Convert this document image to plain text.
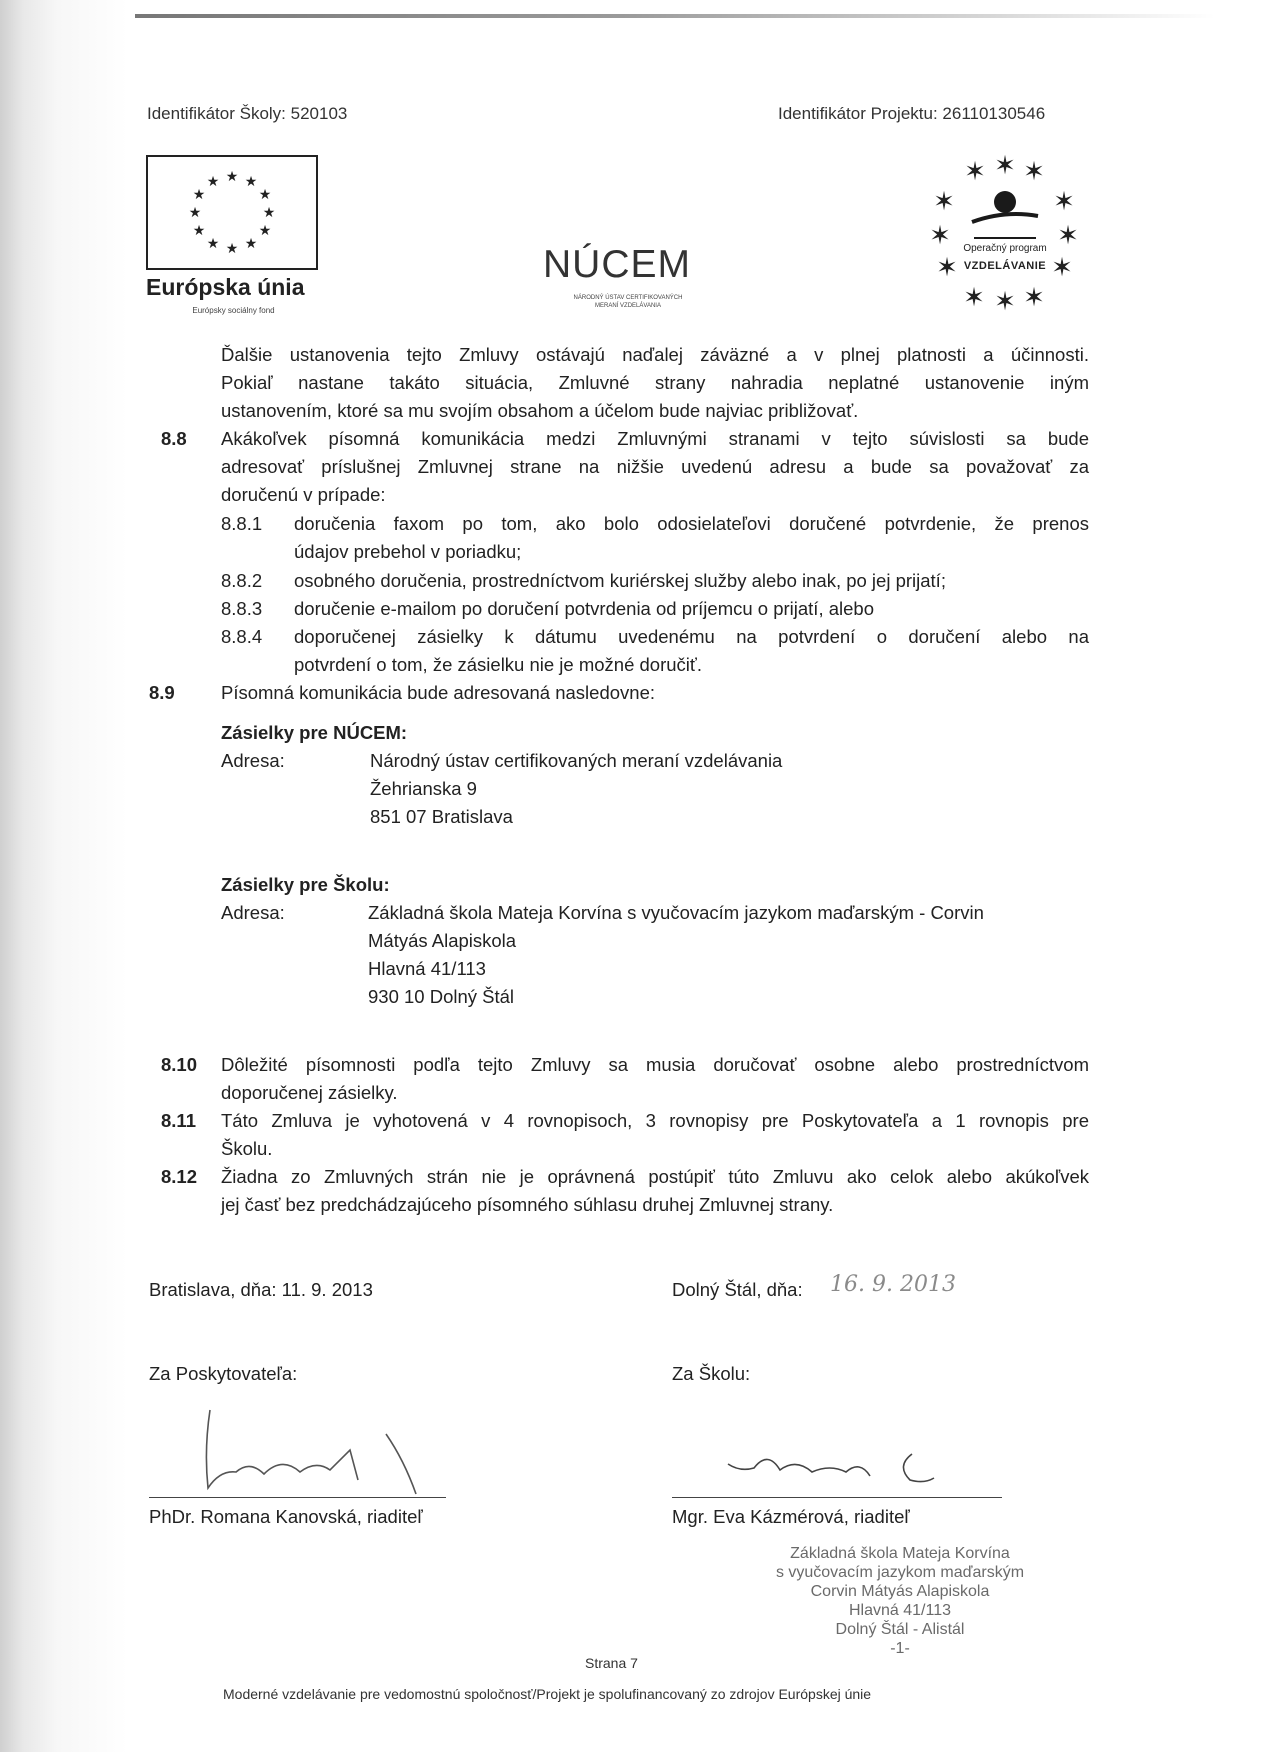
Identifikátor Školy: 520103	Identifikátor Projektu: 26110130546
★ ★
★
★
★
★
★
★
★
★
★
★
Európska únia
Európsky sociálny fond
NÚCEM
NÁRODNÝ ÚSTAV CERTIFIKOVANÝCH
MERANÍ VZDELÁVANIA
✶ ✶ ✶
✶	✶
✶	✶
✶	✶
✶ ✶ ✶
Operačný program
VZDELÁVANIE
Ďalšie ustanovenia tejto Zmluvy ostávajú naďalej záväzné a v plnej platnosti a účinnosti.
Pokiaľ nastane takáto situácia, Zmluvné strany nahradia neplatné ustanovenie iným
ustanovením, ktoré sa mu svojím obsahom a účelom bude najviac približovať.
8.8 Akákoľvek písomná komunikácia medzi Zmluvnými stranami v tejto súvislosti sa bude
adresovať príslušnej Zmluvnej strane na nižšie uvedenú adresu a bude sa považovať za
doručenú v prípade:
8.8.1 doručenia faxom po tom, ako bolo odosielateľovi doručené potvrdenie, že prenos
údajov prebehol v poriadku;
8.8.2 osobného doručenia, prostredníctvom kuriérskej služby alebo inak, po jej prijatí;
8.8.3 doručenie e-mailom po doručení potvrdenia od príjemcu o prijatí, alebo
8.8.4 doporučenej zásielky k dátumu uvedenému na potvrdení o doručení alebo na
potvrdení o tom, že zásielku nie je možné doručiť.
8.9	Písomná komunikácia bude adresovaná nasledovne:
Zásielky pre NÚCEM:
Adresa:	Národný ústav certifikovaných meraní vzdelávania
Žehrianska 9
851 07 Bratislava
Zásielky pre Školu:
Adresa:	Základná škola Mateja Korvína s vyučovacím jazykom maďarským - Corvin
Mátyás Alapiskola
Hlavná 41/113
930 10 Dolný Štál
8.10 Dôležité písomnosti podľa tejto Zmluvy sa musia doručovať osobne alebo prostredníctvom
doporučenej zásielky.
8.11 Táto Zmluva je vyhotovená v 4 rovnopisoch, 3 rovnopisy pre Poskytovateľa a 1 rovnopis pre
Školu.
8.12 Žiadna zo Zmluvných strán nie je oprávnená postúpiť túto Zmluvu ako celok alebo akúkoľvek
jej časť bez predchádzajúceho písomného súhlasu druhej Zmluvnej strany.
Bratislava, dňa: 11. 9. 2013	Dolný Štál, dňa: 16. 9. 2013
Za Poskytovateľa:	Za Školu:
PhDr. Romana Kanovská, riaditeľ	Mgr. Eva Kázmérová, riaditeľ
Základná škola Mateja Korvína
s vyučovacím jazykom maďarským
Corvin Mátyás Alapiskola
Hlavná 41/113
Dolný Štál - Alistál
-1-
Strana 7
Moderné vzdelávanie pre vedomostnú spoločnosť/Projekt je spolufinancovaný zo zdrojov Európskej únie
